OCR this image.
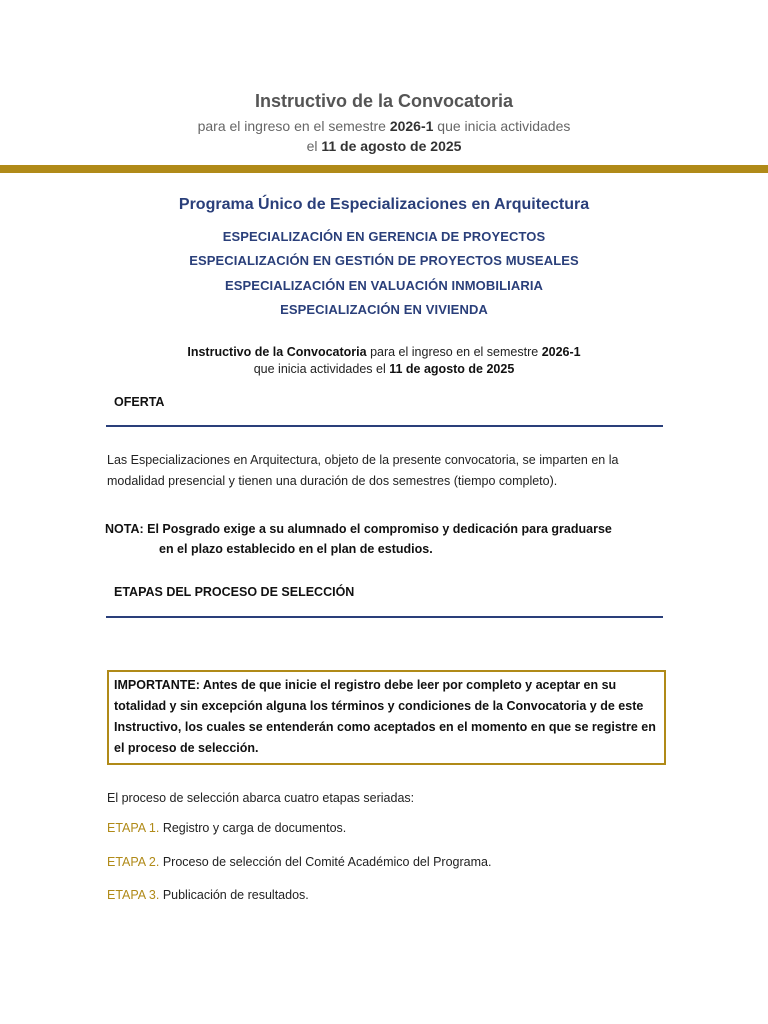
Instructivo de la Convocatoria
para el ingreso en el semestre 2026-1 que inicia actividades
el 11 de agosto de 2025
Programa Único de Especializaciones en Arquitectura
ESPECIALIZACIÓN EN GERENCIA DE PROYECTOS
ESPECIALIZACIÓN EN GESTIÓN DE PROYECTOS MUSEALES
ESPECIALIZACIÓN EN VALUACIÓN INMOBILIARIA
ESPECIALIZACIÓN EN VIVIENDA
Instructivo de la Convocatoria para el ingreso en el semestre 2026-1
que inicia actividades el 11 de agosto de 2025
OFERTA
Las Especializaciones en Arquitectura, objeto de la presente convocatoria, se imparten en la modalidad presencial y tienen una duración de dos semestres (tiempo completo).
NOTA: El Posgrado exige a su alumnado el compromiso y dedicación para graduarse
en el plazo establecido en el plan de estudios.
ETAPAS DEL PROCESO DE SELECCIÓN
IMPORTANTE: Antes de que inicie el registro debe leer por completo y aceptar en su totalidad y sin excepción alguna los términos y condiciones de la Convocatoria y de este Instructivo, los cuales se entenderán como aceptados en el momento en que se registre en el proceso de selección.
El proceso de selección abarca cuatro etapas seriadas:
ETAPA 1. Registro y carga de documentos.
ETAPA 2. Proceso de selección del Comité Académico del Programa.
ETAPA 3. Publicación de resultados.
